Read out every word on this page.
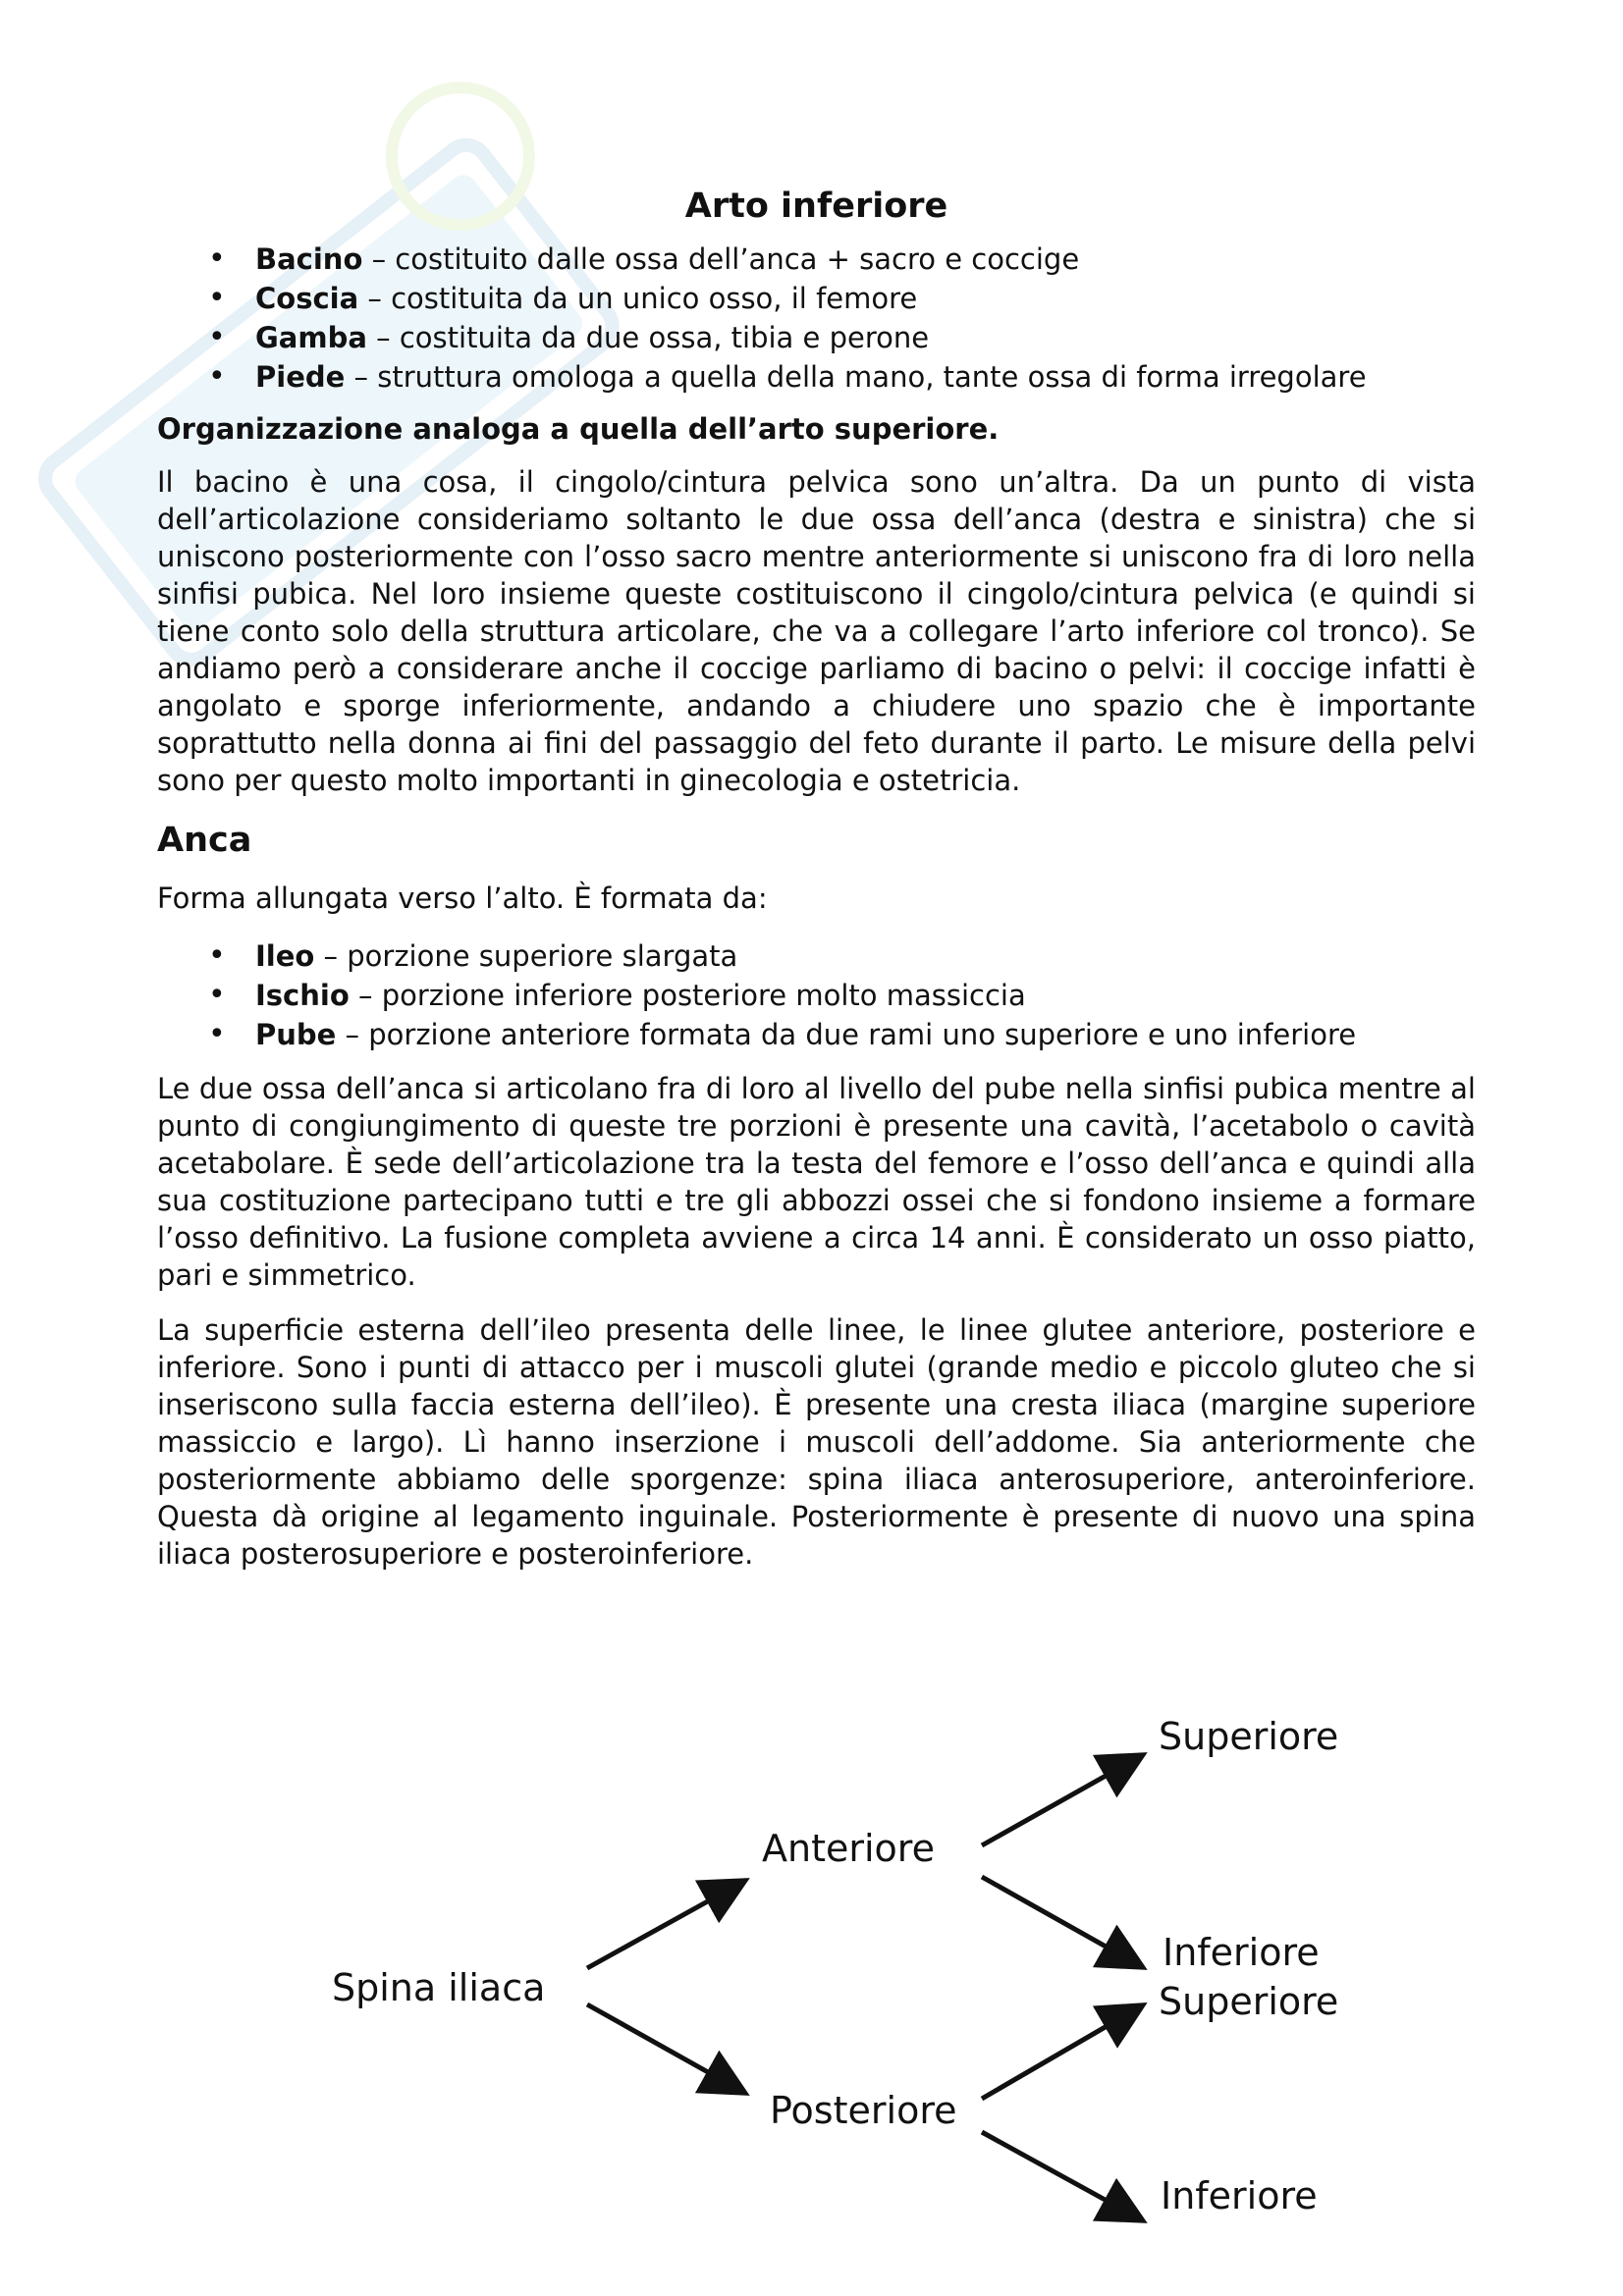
Arto inferiore
• Bacino – costituito dalle ossa dell’anca + sacro e coccige
• Coscia – costituita da un unico osso, il femore
• Gamba – costituita da due ossa, tibia e perone
• Piede – struttura omologa a quella della mano, tante ossa di forma irregolare
Organizzazione analoga a quella dell’arto superiore.

Il bacino è una cosa, il cingolo/cintura pelvica sono un’altra. Da un punto di vista dell’articolazione consideriamo soltanto le due ossa dell’anca (destra e sinistra) che si uniscono posteriormente con l’osso sacro mentre anteriormente si uniscono fra di loro nella sinfisi pubica. Nel loro insieme queste costituiscono il cingolo/cintura pelvica (e quindi si tiene conto solo della struttura articolare, che va a collegare l’arto inferiore col tronco). Se andiamo però a considerare anche il coccige parliamo di bacino o pelvi: il coccige infatti è angolato e sporge inferiormente, andando a chiudere uno spazio che è importante soprattutto nella donna ai fini del passaggio del feto durante il parto. Le misure della pelvi sono per questo molto importanti in ginecologia e ostetricia.

Anca

Forma allungata verso l’alto. È formata da:

• Ileo – porzione superiore slargata
• Ischio – porzione inferiore posteriore molto massiccia
• Pube – porzione anteriore formata da due rami uno superiore e uno inferiore

Le due ossa dell’anca si articolano fra di loro al livello del pube nella sinfisi pubica mentre al punto di congiungimento di queste tre porzioni è presente una cavità, l’acetabolo o cavità acetabolare. È sede dell’articolazione tra la testa del femore e l’osso dell’anca e quindi alla sua costituzione partecipano tutti e tre gli abbozzi ossei che si fondono insieme a formare l’osso definitivo. La fusione completa avviene a circa 14 anni. È considerato un osso piatto, pari e simmetrico.

La superficie esterna dell’ileo presenta delle linee, le linee glutee anteriore, posteriore e inferiore. Sono i punti di attacco per i muscoli glutei (grande medio e piccolo gluteo che si inseriscono sulla faccia esterna dell’ileo). È presente una cresta iliaca (margine superiore massiccio e largo). Lì hanno inserzione i muscoli dell’addome. Sia anteriormente che posteriormente abbiamo delle sporgenze: spina iliaca anterosuperiore, anteroinferiore. Questa dà origine al legamento inguinale. Posteriormente è presente di nuovo una spina iliaca posterosuperiore e posteroinferiore.

Spina iliaca
Anteriore
Posteriore
Superiore
Inferiore
Superiore
Inferiore
